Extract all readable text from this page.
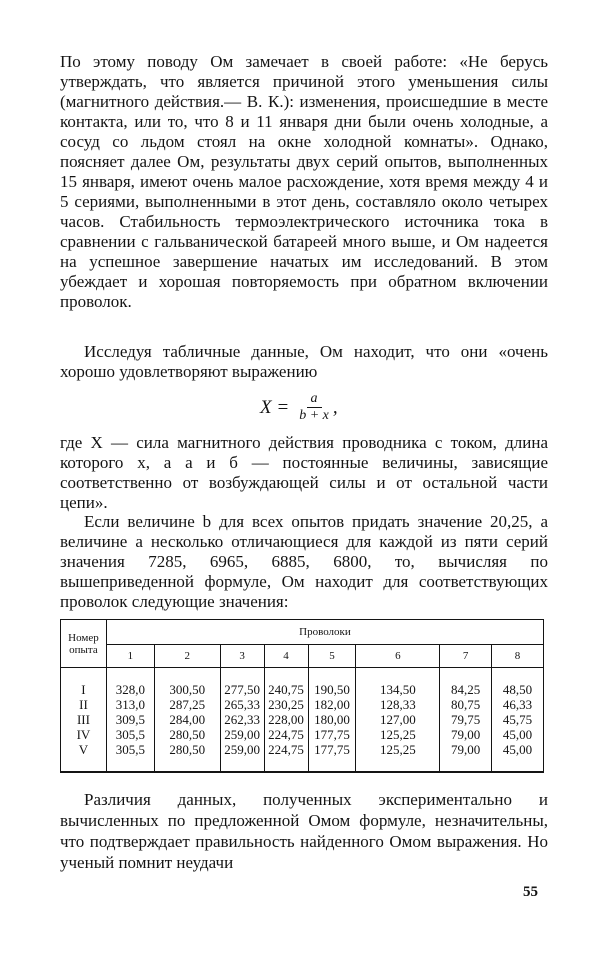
По этому поводу Ом замечает в своей работе: «Не берусь утверждать, что является причиной этого уменьшения силы (магнитного действия.— В. К.): изменения, происшедшие в месте контакта, или то, что 8 и 11 января дни были очень холодные, а сосуд со льдом стоял на окне холодной комнаты». Однако, поясняет далее Ом, результаты двух серий опытов, выполненных 15 января, имеют очень малое расхождение, хотя время между 4 и 5 сериями, выполненными в этот день, составляло около четырех часов. Стабильность термоэлектрического источника тока в сравнении с гальванической батареей много выше, и Ом надеется на успешное завершение начатых им исследований. В этом убеждает и хорошая повторяемость при обратном включении проволок.

Исследуя табличные данные, Ом находит, что они «очень хорошо удовлетворяют выражению

$X = \frac{a}{b + x}$ ,

где X — сила магнитного действия проводника с током, длина которого x, а a и б — постоянные величины, зависящие соответственно от возбуждающей силы и от остальной части цепи».

Если величине b для всех опытов придать значение 20,25, а величине a несколько отличающиеся для каждой из пяти серий значения 7285, 6965, 6885, 6800, то, вычисляя по вышеприведенной формуле, Ом находит для соответствующих проволок следующие значения:

Номер опыта	Проволоки							
	1	2	3	4	5	6	7	8

I	328,0	300,50	277,50	240,75	190,50	134,50	84,25	48,50
II	313,0	287,25	265,33	230,25	182,00	128,33	80,75	46,33
III	309,5	284,00	262,33	228,00	180,00	127,00	79,75	45,75
IV	305,5	280,50	259,00	224,75	177,75	125,25	79,00	45,00
V	305,5	280,50	259,00	224,75	177,75	125,25	79,00	45,00

Различия данных, полученных экспериментально и вычисленных по предложенной Омом формуле, незначительны, что подтверждает правильность найденного Омом выражения. Но ученый помнит неудачи

55
